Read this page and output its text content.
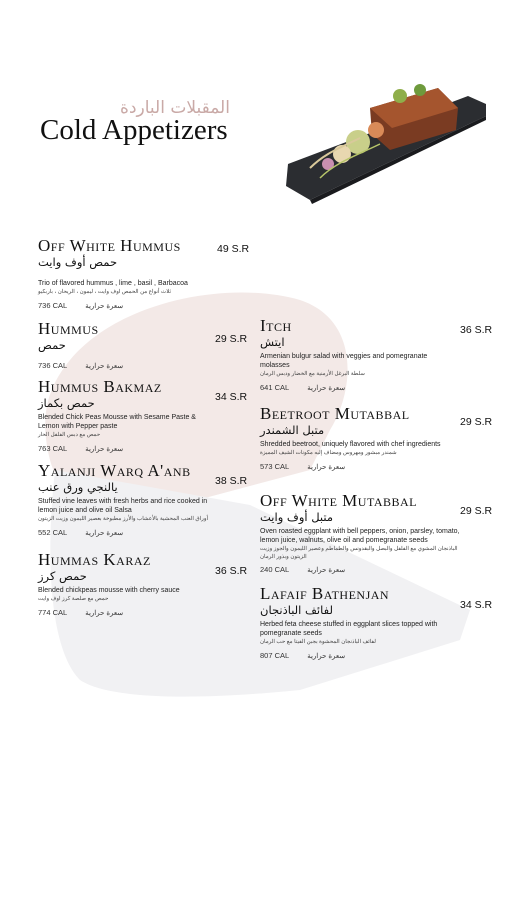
المقبلات الباردة
Cold Appetizers
Off White Hummus
حمص أوف وايت
Trio of flavored hummus , lime , basil , Barbacoa
ثلاث أنواع من الحمص اوف وايت ، ليمون ، الريحان ، باربكيو
736 CAL	سعرة حرارية
49 S.R
Hummus
حمص
736 CAL	سعرة حرارية
29 S.R
Hummus Bakmaz
حمص بكماز
Blended Chick Peas Mousse with Sesame Paste & Lemon with Pepper paste
حمص مع دبس الفلفل الحار
763 CAL	سعرة حرارية
34 S.R
Yalanji Warq A'anb
يالنجي ورق عنب
Stuffed vine leaves with fresh herbs and rice cooked in lemon juice and olive oil Salsa
أوراق العنب المحشية بالأعشاب والأرز مطبوخة بعصير الليمون وزيت الزيتون
552 CAL	سعرة حرارية
38 S.R
Hummas Karaz
حمص كرز
Blended chickpeas mousse with cherry sauce
حمص مع صلصة كرز اوف وايت
774 CAL	سعرة حرارية
36 S.R
Itch
ايتش
Armenian bulgur salad with veggies and pomegranate molasses
سلطة البرغل الأرمنية مع الخضار ودبس الرمان
641 CAL	سعرة حرارية
36 S.R
Beetroot Mutabbal
متبل الشمندر
Shredded beetroot, uniquely flavored with chef ingredients
شمندر مبشور ومهروس ومضاف إليه مكونات الشيف المميزة
573 CAL	سعرة حرارية
29 S.R
Off White Mutabbal
متبل أوف وايت
Oven roasted eggplant with bell peppers, onion, parsley, tomato, lemon juice, walnuts, olive oil and pomegranate seeds
الباذنجان المشوي مع الفلفل والبصل والبقدونس والطماطم وعصير الليمون والجوز وزيت الزيتون وبذور الرمان
240 CAL	سعرة حرارية
29 S.R
Lafaif Bathenjan
لفائف الباذنجان
Herbed feta cheese stuffed in eggplant slices topped with pomegranate seeds
لفائف الباذنجان المحشوة بجبن الفيتا مع حب الرمان
807 CAL	سعرة حرارية
34 S.R
